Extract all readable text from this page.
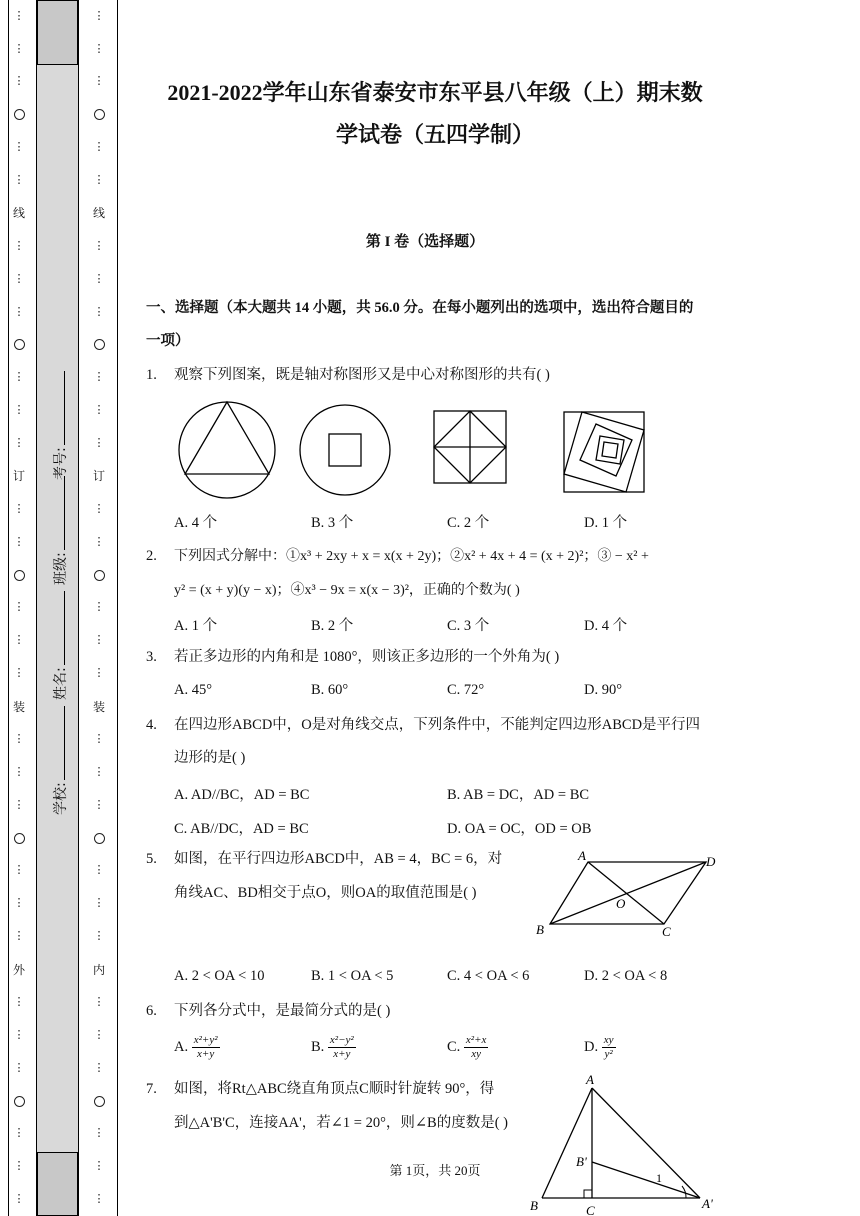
⋮
⋮
⋮
⋮
⋮
线
⋮
⋮
⋮
⋮
⋮
⋮
订
⋮
⋮
⋮
⋮
⋮
装
⋮
⋮
⋮
⋮
⋮
⋮
外
⋮
⋮
⋮
⋮
⋮
⋮
⋮
⋮
⋮
⋮
⋮
线
⋮
⋮
⋮
⋮
⋮
⋮
订
⋮
⋮
⋮
⋮
⋮
装
⋮
⋮
⋮
⋮
⋮
⋮
内
⋮
⋮
⋮
⋮
⋮
⋮
学校:
姓名:
班级:
考号:
2021-2022学年山东省泰安市东平县八年级（上）期末数
学试卷（五四学制）
第 I 卷（选择题）
一、选择题（本大题共 14 小题，共 56.0 分。在每小题列出的选项中，选出符合题目的
一项）
1. 观察下列图案，既是轴对称图形又是中心对称图形的共有( )
A. 4 个	B. 3 个	C. 2 个	D. 1 个
2. 下列因式分解中：①x³ + 2xy + x = x(x + 2y)；②x² + 4x + 4 = (x + 2)²；③ − x² +
y² = (x + y)(y − x)；④x³ − 9x = x(x − 3)²，正确的个数为( )
A. 1 个	B. 2 个	C. 3 个	D. 4 个
3. 若正多边形的内角和是 1080°，则该正多边形的一个外角为( )
A. 45°	B. 60°	C. 72°	D. 90°
4. 在四边形ABCD中，O是对角线交点，下列条件中，不能判定四边形ABCD是平行四
边形的是( )
A. AD//BC，AD = BC	B. AB = DC，AD = BC
C. AB//DC，AD = BC	D. OA = OC，OD = OB
5. 如图，在平行四边形ABCD中，AB = 4，BC = 6，对
角线AC、BD相交于点O，则OA的取值范围是( )
A	D
B	C
O
A. 2 < OA < 10	B. 1 < OA < 5	C. 4 < OA < 6	D. 2 < OA < 8
6. 下列各分式中，是最简分式的是( )
A. $\frac{\text{x²+y²}}{x+y}$	B. $\frac{\text{x²−y²}}{x+y}$	C. $\frac{\text{x²+x}}{xy}$	D. $\frac{xy}{\text{y²}}$
7. 如图，将Rt△ABC绕直角顶点C顺时针旋转 90°，得
到△A'B'C，连接AA'，若∠1 = 20°，则∠B的度数是( )
A
B	C
B'
A'
1
第 1页，共 20页
